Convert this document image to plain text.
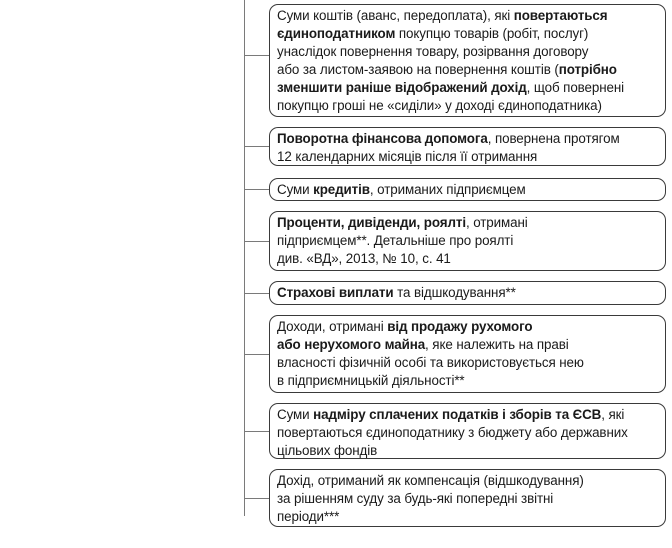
Суми коштів (аванс, передоплата), які повертаються
єдиноподатником покупцю товарів (робіт, послуг)
унаслідок повернення товару, розірвання договору
або за листом-заявою на повернення коштів (потрібно
зменшити раніше відображений дохід, щоб повернені
покупцю гроші не «сиділи» у доході єдиноподатника)
Поворотна фінансова допомога, повернена протягом
12 календарних місяців після її отримання
Суми кредитів, отриманих підприємцем
Проценти, дивіденди, роялті, отримані
підприємцем**. Детальніше про роялті
див. «ВД», 2013, № 10, с. 41
Страхові виплати та відшкодування**
Доходи, отримані від продажу рухомого
або нерухомого майна, яке належить на праві
власності фізичній особі та використовується нею
в підприємницькій діяльності**
Суми надміру сплачених податків і зборів та ЄСВ, які
повертаються єдиноподатнику з бюджету або державних
цільових фондів
Дохід, отриманий як компенсація (відшкодування)
за рішенням суду за будь-які попередні звітні
періоди***
